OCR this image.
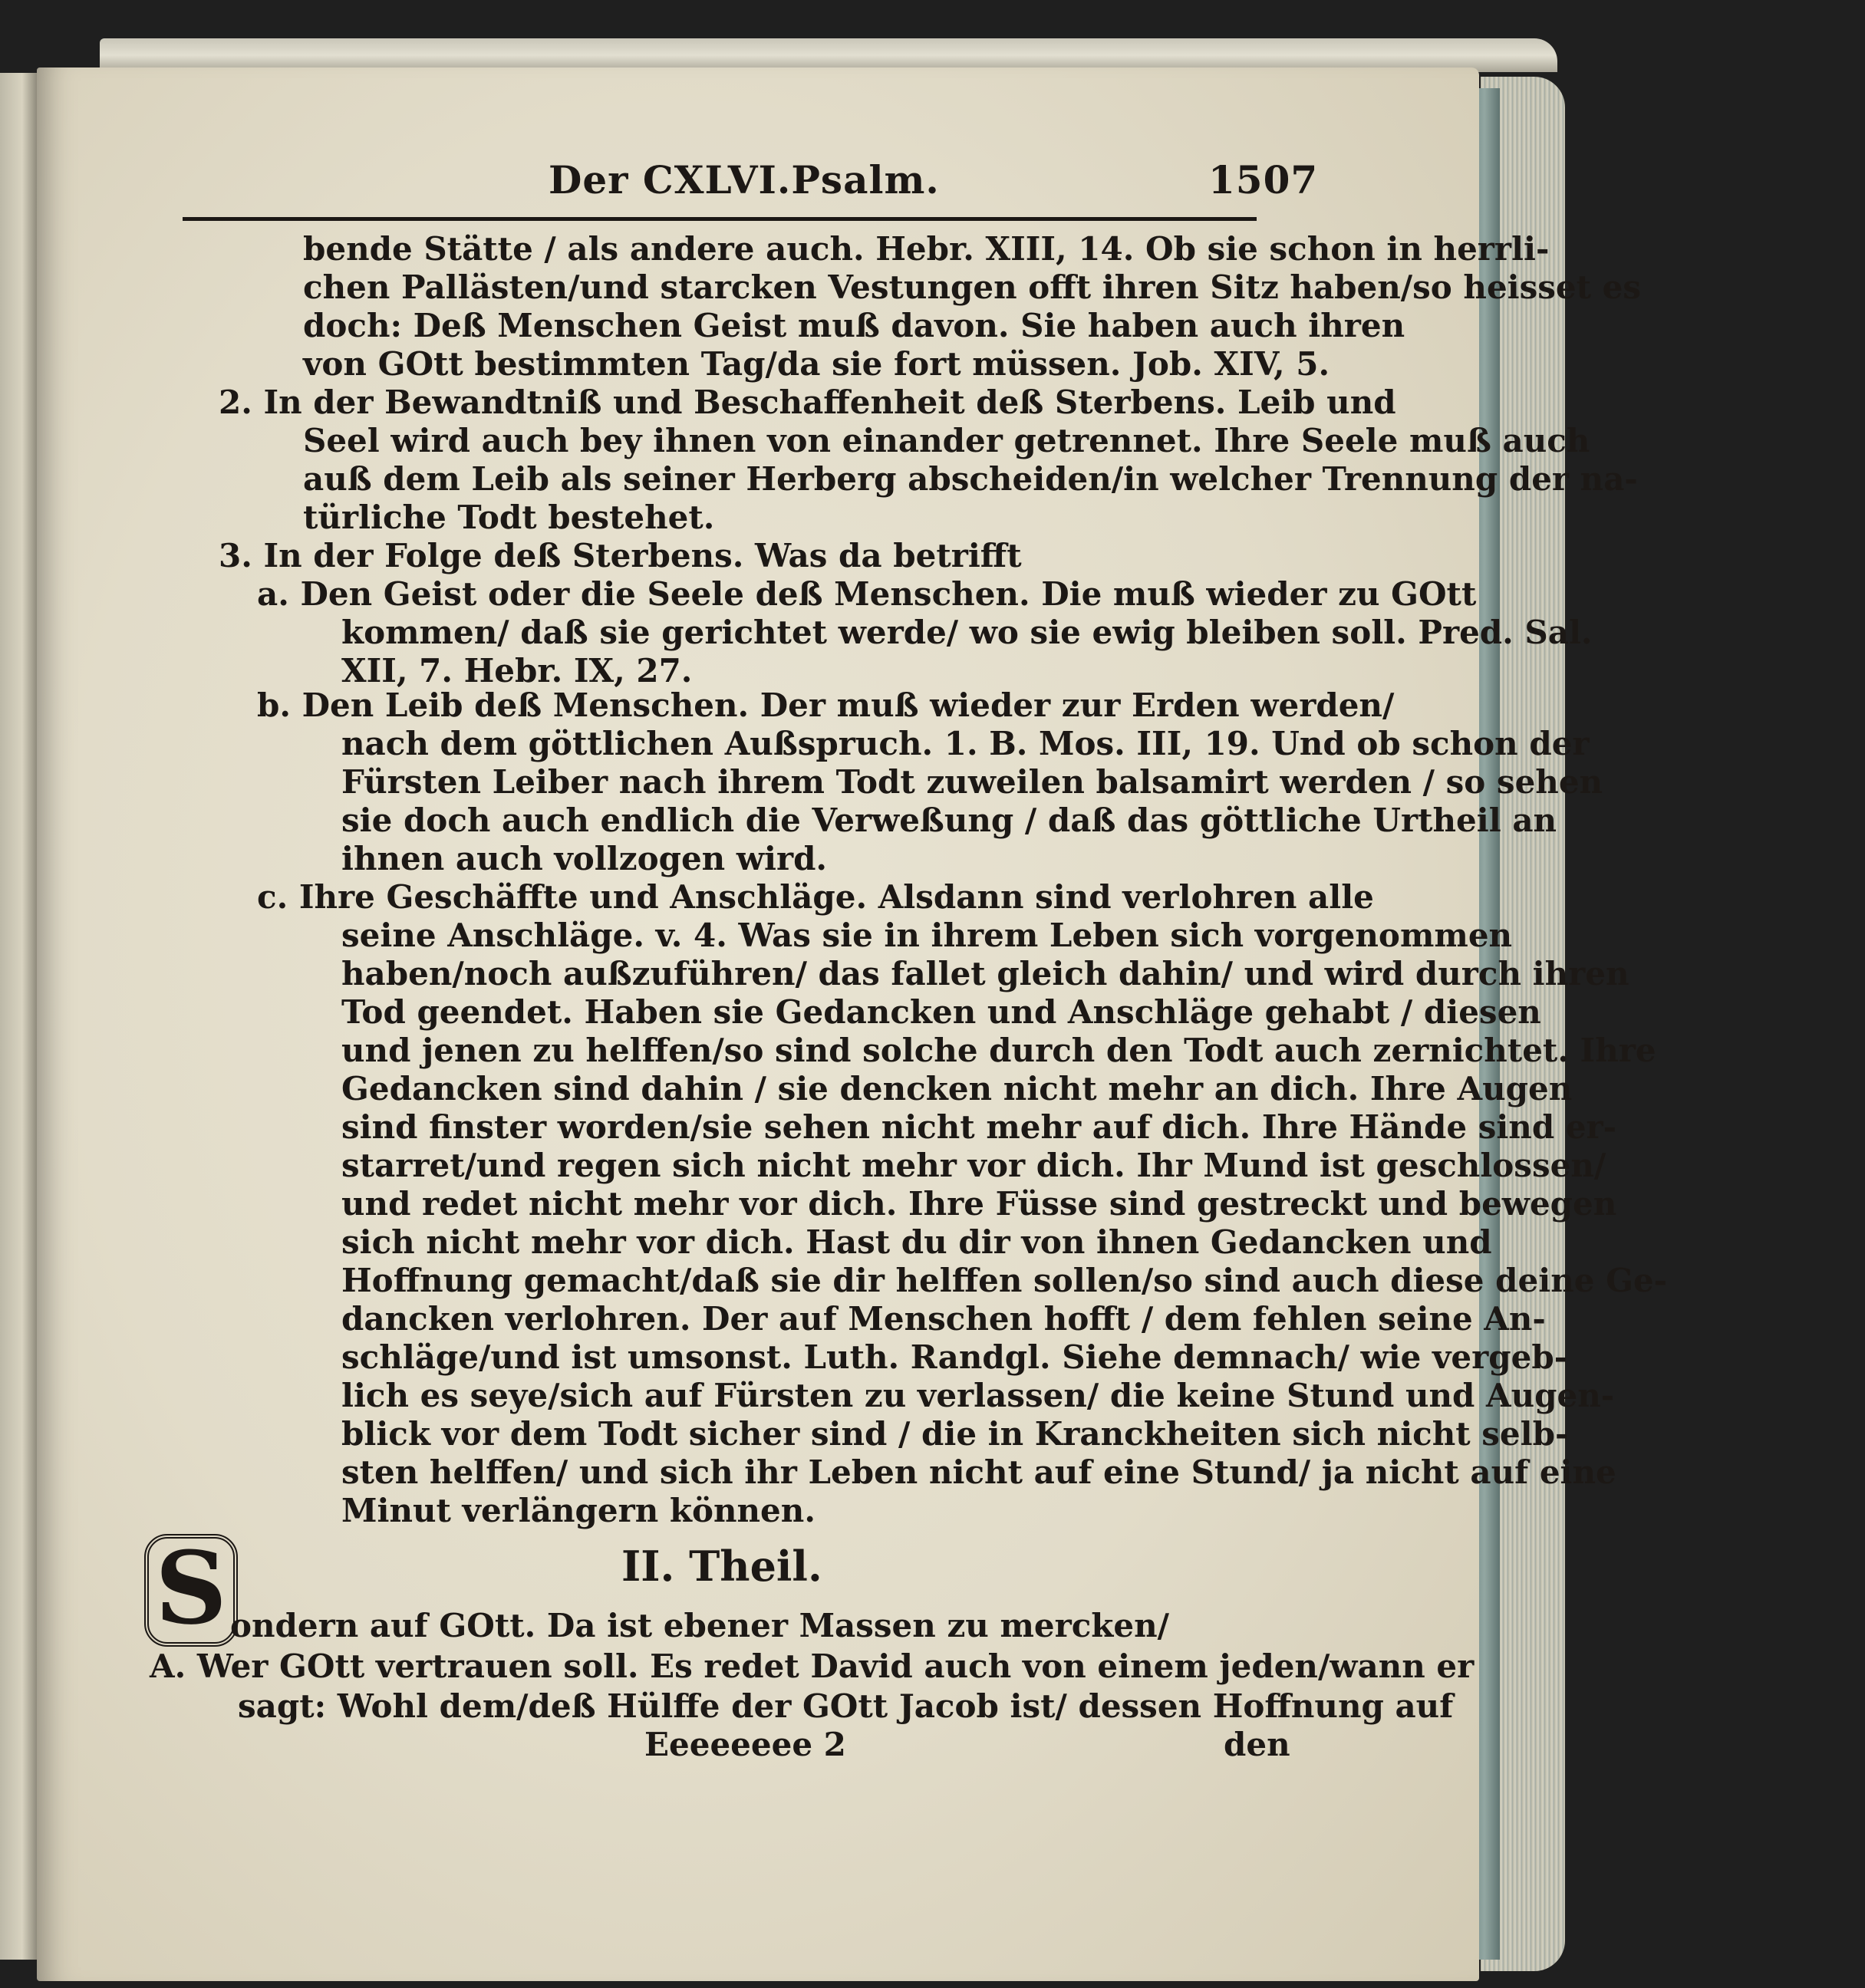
Der CXLVI.Psalm.	1507
bende Stätte / als andere auch. Hebr. XIII, 14. Ob sie schon in herrli-
chen Pallästen/und starcken Vestungen offt ihren Sitz haben/so heisset es
doch: Deß Menschen Geist muß davon. Sie haben auch ihren
von GOtt bestimmten Tag/da sie fort müssen. Job. XIV, 5.
2. In der Bewandtniß und Beschaffenheit deß Sterbens. Leib und
Seel wird auch bey ihnen von einander getrennet. Ihre Seele muß auch
auß dem Leib als seiner Herberg abscheiden/in welcher Trennung der na-
türliche Todt bestehet.
3. In der Folge deß Sterbens. Was da betrifft
a. Den Geist oder die Seele deß Menschen. Die muß wieder zu GOtt
kommen/ daß sie gerichtet werde/ wo sie ewig bleiben soll. Pred. Sal.
XII, 7. Hebr. IX, 27.
b. Den Leib deß Menschen. Der muß wieder zur Erden werden/
nach dem göttlichen Außspruch. 1. B. Mos. III, 19. Und ob schon der
Fürsten Leiber nach ihrem Todt zuweilen balsamirt werden / so sehen
sie doch auch endlich die Verweßung / daß das göttliche Urtheil an
ihnen auch vollzogen wird.
c. Ihre Geschäffte und Anschläge. Alsdann sind verlohren alle
seine Anschläge. v. 4. Was sie in ihrem Leben sich vorgenommen
haben/noch außzuführen/ das fallet gleich dahin/ und wird durch ihren
Tod geendet. Haben sie Gedancken und Anschläge gehabt / diesen
und jenen zu helffen/so sind solche durch den Todt auch zernichtet. Ihre
Gedancken sind dahin / sie dencken nicht mehr an dich. Ihre Augen
sind finster worden/sie sehen nicht mehr auf dich. Ihre Hände sind er-
starret/und regen sich nicht mehr vor dich. Ihr Mund ist geschlossen/
und redet nicht mehr vor dich. Ihre Füsse sind gestreckt und bewegen
sich nicht mehr vor dich. Hast du dir von ihnen Gedancken und
Hoffnung gemacht/daß sie dir helffen sollen/so sind auch diese deine Ge-
dancken verlohren. Der auf Menschen hofft / dem fehlen seine An-
schläge/und ist umsonst. Luth. Randgl. Siehe demnach/ wie vergeb-
lich es seye/sich auf Fürsten zu verlassen/ die keine Stund und Augen-
blick vor dem Todt sicher sind / die in Kranckheiten sich nicht selb-
sten helffen/ und sich ihr Leben nicht auf eine Stund/ ja nicht auf eine
Minut verlängern können.
II. Theil.
S ondern auf GOtt. Da ist ebener Massen zu mercken/
A. Wer GOtt vertrauen soll. Es redet David auch von einem jeden/wann er
sagt: Wohl dem/deß Hülffe der GOtt Jacob ist/ dessen Hoffnung auf
Eeeeeeee 2	den
